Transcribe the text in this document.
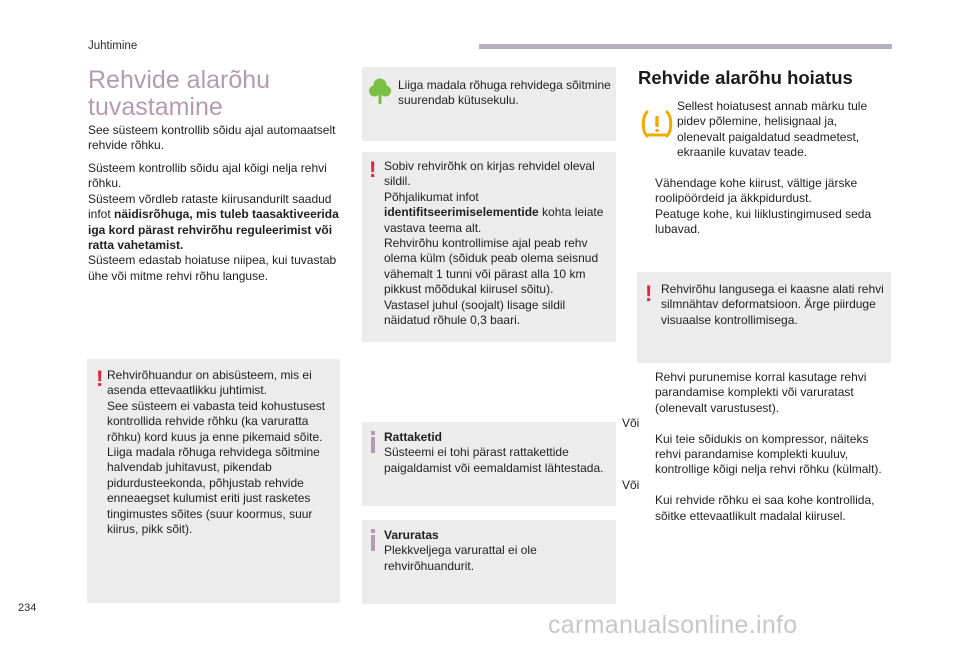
Juhtimine
Rehvide alarõhu tuvastamine

See süsteem kontrollib sõidu ajal automaatselt rehvide rõhku.

Süsteem kontrollib sõidu ajal kõigi nelja rehvi rõhku.

Süsteem võrdleb rataste kiirusandurilt saadud infot näidisrõhuga, mis tuleb taasaktiveerida iga kord pärast rehvirõhu reguleerimist või ratta vahetamist.

Süsteem edastab hoiatuse niipea, kui tuvastab ühe või mitme rehvi rõhu languse.

! Rehvirõhuandur on abisüsteem, mis ei asenda ettevaatlikku juhtimist.

See süsteem ei vabasta teid kohustusest kontrollida rehvide rõhku (ka varuratta rõhku) kord kuus ja enne pikemaid sõite.

Liiga madala rõhuga rehvidega sõitmine halvendab juhitavust, pikendab pidurdusteekonda, põhjustab rehvide enneaegset kulumist eriti just rasketes tingimustes sõites (suur koormus, suur kiirus, pikk sõit).

Liiga madala rõhuga rehvidega sõitmine suurendab kütusekulu.
! Sobiv rehvirõhk on kirjas rehvidel oleval sildil.

Põhjalikumat infot identifitseerimiselementide kohta leiate vastava teema alt.

Rehvirõhu kontrollimise ajal peab rehv olema külm (sõiduk peab olema seisnud vähemalt 1 tunni või pärast alla 10 km pikkust mõõdukal kiirusel sõitu).

Vastasel juhul (soojalt) lisage sildil näidatud rõhule 0,3 baari.

Rattaketid

Süsteemi ei tohi pärast rattakettide paigaldamist või eemaldamist lähtestada.

Varuratas

Plekkveljega varurattal ei ole rehvirõhuandurit.

Rehvide alarõhu hoiatus
Sellest hoiatusest annab märku tule pidev põlemine, helisignaal ja, olenevalt paigaldatud seadmetest, ekraanile kuvatav teade.

Vähendage kohe kiirust, vältige järske roolipöördeid ja äkkpidurdust.

Peatuge kohe, kui liiklustingimused seda lubavad.

! Rehvirõhu langusega ei kaasne alati rehvi silmnähtav deformatsioon. Ärge piirduge visuaalse kontrollimisega.

Rehvi purunemise korral kasutage rehvi parandamise komplekti või varuratast (olenevalt varustusest).

Või

Kui teie sõidukis on kompressor, näiteks rehvi parandamise komplekti kuuluv, kontrollige kõigi nelja rehvi rõhku (külmalt).

Või

Kui rehvide rõhku ei saa kohe kontrollida, sõitke ettevaatlikult madalal kiirusel.

234
carmanualsonline.info
